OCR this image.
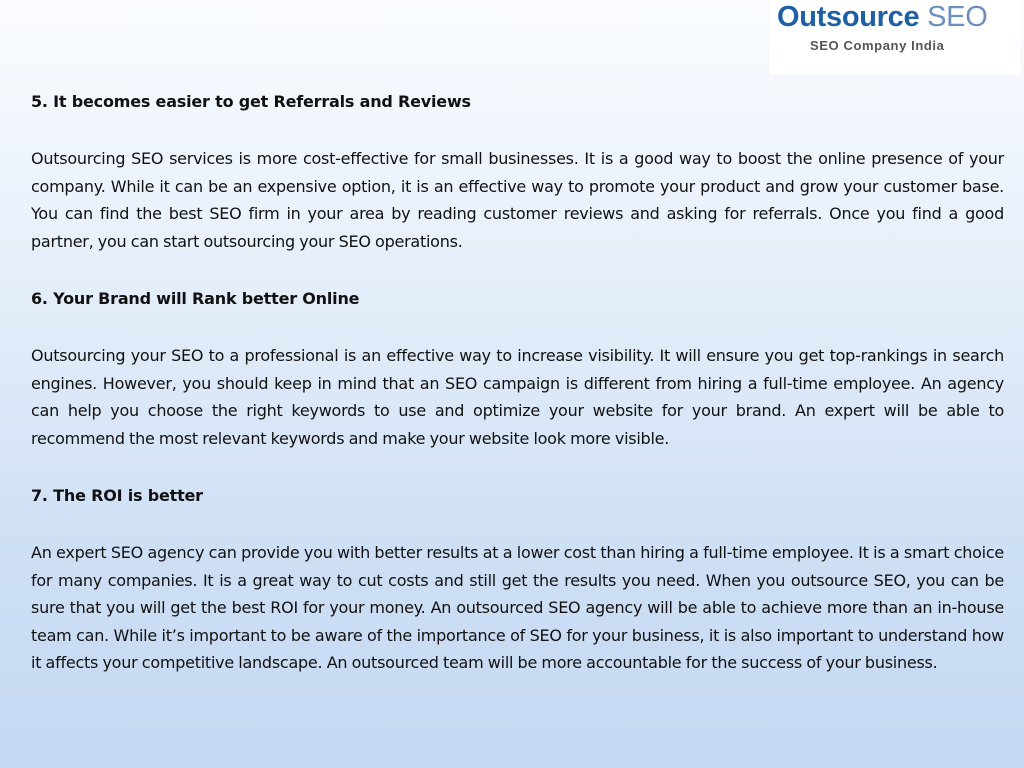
Outsource SEO
SEO Company India

5. It becomes easier to get Referrals and Reviews

Outsourcing SEO services is more cost-effective for small businesses. It is a good way to boost the online presence of your company. While it can be an expensive option, it is an effective way to promote your product and grow your customer base. You can find the best SEO firm in your area by reading customer reviews and asking for referrals. Once you find a good partner, you can start outsourcing your SEO operations.

6. Your Brand will Rank better Online

Outsourcing your SEO to a professional is an effective way to increase visibility. It will ensure you get top-rankings in search engines. However, you should keep in mind that an SEO campaign is different from hiring a full-time employee. An agency can help you choose the right keywords to use and optimize your website for your brand. An expert will be able to recommend the most relevant keywords and make your website look more visible.

7. The ROI is better

An expert SEO agency can provide you with better results at a lower cost than hiring a full-time employee. It is a smart choice for many companies. It is a great way to cut costs and still get the results you need. When you outsource SEO, you can be sure that you will get the best ROI for your money. An outsourced SEO agency will be able to achieve more than an in-house team can. While it’s important to be aware of the importance of SEO for your business, it is also important to understand how it affects your competitive landscape. An outsourced team will be more accountable for the success of your business.
